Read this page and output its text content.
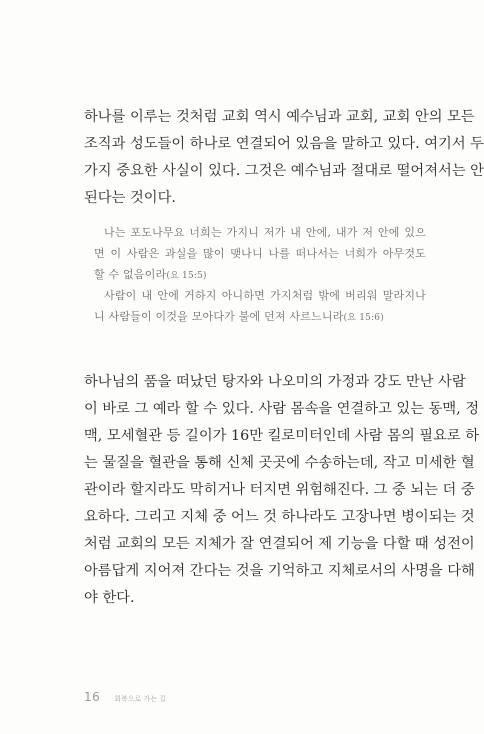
하나를 이루는 것처럼 교회 역시 예수님과 교회, 교회 안의 모든
조직과 성도들이 하나로 연결되어 있음을 말하고 있다. 여기서 두
가지 중요한 사실이 있다. 그것은 예수님과 절대로 떨어져서는 안
된다는 것이다.
나는 포도나무요 너희는 가지니 저가 내 안에, 내가 저 안에 있으
면 이 사람은 과실을 많이 맺나니 나를 떠나서는 너희가 아무것도
할 수 없음이라(요 15:5)
사람이 내 안에 거하지 아니하면 가지처럼 밖에 버리워 말라지나
니 사람들이 이것을 모아다가 불에 던져 사르느니라(요 15:6)
하나님의 품을 떠났던 탕자와 나오미의 가정과 강도 만난 사람
이 바로 그 예라 할 수 있다. 사람 몸속을 연결하고 있는 동맥, 정
맥, 모세혈관 등 길이가 16만 킬로미터인데 사람 몸의 필요로 하
는 물질을 혈관을 통해 신체 곳곳에 수송하는데, 작고 미세한 혈
관이라 할지라도 막히거나 터지면 위험해진다. 그 중 뇌는 더 중
요하다. 그리고 지체 중 어느 것 하나라도 고장나면 병이되는 것
처럼 교회의 모든 지체가 잘 연결되어 제 기능을 다할 때 성전이
아름답게 지어져 간다는 것을 기억하고 지체로서의 사명을 다해
야 한다.
16 회복으로 가는 길
